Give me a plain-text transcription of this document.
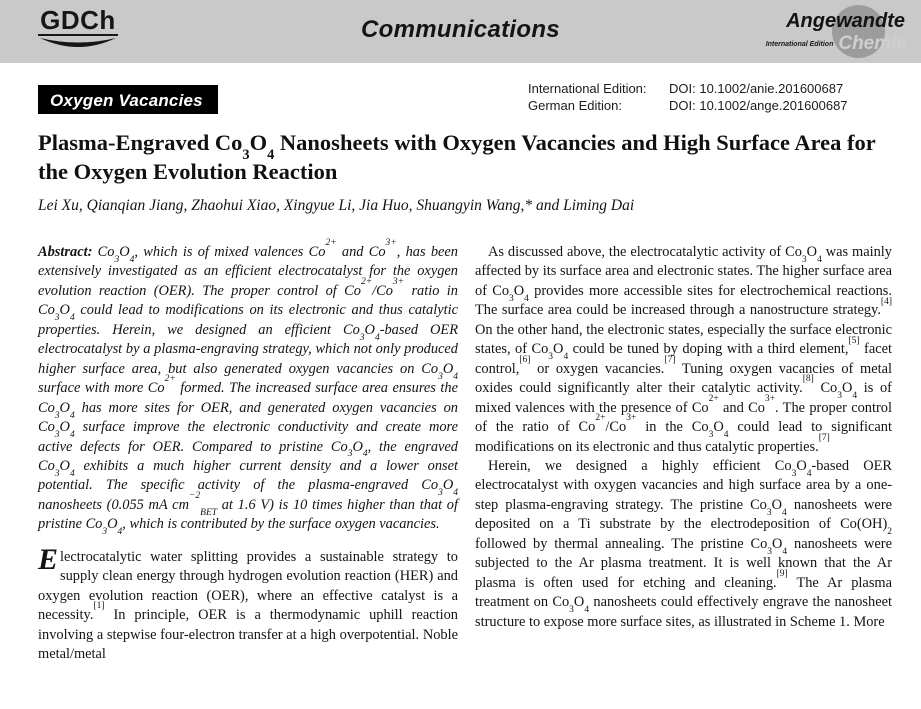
GDCh	Communications	Angewandte
International Edition Chemie
Oxygen Vacancies
International Edition:	DOI: 10.1002/anie.201600687
German Edition:	DOI: 10.1002/ange.201600687
Plasma-Engraved $Co_3O_4$ Nanosheets with Oxygen Vacancies and High Surface Area for the Oxygen Evolution Reaction
Lei Xu, Qianqian Jiang, Zhaohui Xiao, Xingyue Li, Jia Huo, Shuangyin Wang,* and Liming Dai

Abstract: $Co_3O_4$, which is of mixed valences $Co^{2+}$ and $Co^{3+}$, has been extensively investigated as an efficient electrocatalyst for the oxygen evolution reaction (OER). The proper control of $Co^{2+}/Co^{3+}$ ratio in $Co_3O_4$ could lead to modifications on its electronic and thus catalytic properties. Herein, we designed an efficient $Co_3O_4$-based OER electrocatalyst by a plasma-engraving strategy, which not only produced higher surface area, but also generated oxygen vacancies on $Co_3O_4$ surface with more $Co^{2+}$ formed. The increased surface area ensures the $Co_3O_4$ has more sites for OER, and generated oxygen vacancies on $Co_3O_4$ surface improve the electronic conductivity and create more active defects for OER. Compared to pristine $Co_3O_4$, the engraved $Co_3O_4$ exhibits a much higher current density and a lower onset potential. The specific activity of the plasma-engraved $Co_3O_4$ nanosheets (0.055 mA $cm^{-2}_{BET}$ at 1.6 V) is 10 times higher than that of pristine $Co_3O_4$, which is contributed by the surface oxygen vacancies.

Electrocatalytic water splitting provides a sustainable strategy to supply clean energy through hydrogen evolution reaction (HER) and oxygen evolution reaction (OER), where an effective catalyst is a necessity.[1] In principle, OER is a thermodynamic uphill reaction involving a stepwise four-electron transfer at a high overpotential. Noble metal/metal

As discussed above, the electrocatalytic activity of $Co_3O_4$ was mainly affected by its surface area and electronic states. The higher surface area of $Co_3O_4$ provides more accessible sites for electrochemical reactions. The surface area could be increased through a nanostructure strategy.[4] On the other hand, the electronic states, especially the surface electronic states, of $Co_3O_4$ could be tuned by doping with a third element,[5] facet control,[6] or oxygen vacancies.[7] Tuning oxygen vacancies of metal oxides could significantly alter their catalytic activity.[8] $Co_3O_4$ is of mixed valences with the presence of $Co^{2+}$ and $Co^{3+}$. The proper control of the ratio of $Co^{2+}/Co^{3+}$ in the $Co_3O_4$ could lead to significant modifications on its electronic and thus catalytic properties.[7]

Herein, we designed a highly efficient $Co_3O_4$-based OER electrocatalyst with oxygen vacancies and high surface area by a one-step plasma-engraving strategy. The pristine $Co_3O_4$ nanosheets were deposited on a Ti substrate by the electrodeposition of $Co(OH)_2$ followed by thermal annealing. The pristine $Co_3O_4$ nanosheets were subjected to the Ar plasma treatment. It is well known that the Ar plasma is often used for etching and cleaning.[9] The Ar plasma treatment on $Co_3O_4$ nanosheets could effectively engrave the nanosheet structure to expose more surface sites, as illustrated in Scheme 1. More
